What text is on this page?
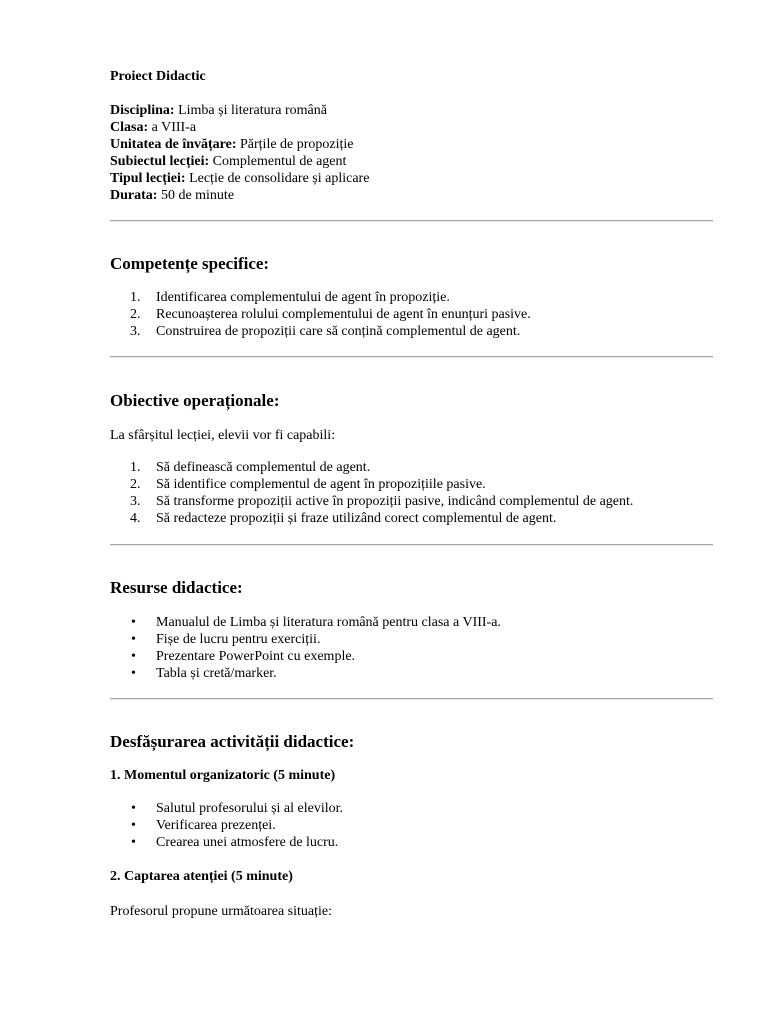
Proiect Didactic

Disciplina: Limba și literatura română
Clasa: a VIII-a
Unitatea de învățare: Părțile de propoziție
Subiectul lecției: Complementul de agent
Tipul lecției: Lecție de consolidare și aplicare
Durata: 50 de minute
Competențe specifice:
1.	Identificarea complementului de agent în propoziție.
2.	Recunoașterea rolului complementului de agent în enunțuri pasive.
3.	Construirea de propoziții care să conțină complementul de agent.
Obiective operaționale:

La sfârșitul lecției, elevii vor fi capabili:

1.	Să definească complementul de agent.
2.	Să identifice complementul de agent în propozițiile pasive.
3.	Să transforme propoziții active în propoziții pasive, indicând complementul de agent.
4.	Să redacteze propoziții și fraze utilizând corect complementul de agent.
Resurse didactice:
•	Manualul de Limba și literatura română pentru clasa a VIII-a.
•	Fișe de lucru pentru exerciții.
•	Prezentare PowerPoint cu exemple.
•	Tabla și cretă/marker.
Desfășurarea activității didactice:
1. Momentul organizatoric (5 minute)
•	Salutul profesorului și al elevilor.
•	Verificarea prezenței.
•	Crearea unei atmosfere de lucru.
2. Captarea atenției (5 minute)

Profesorul propune următoarea situație:
